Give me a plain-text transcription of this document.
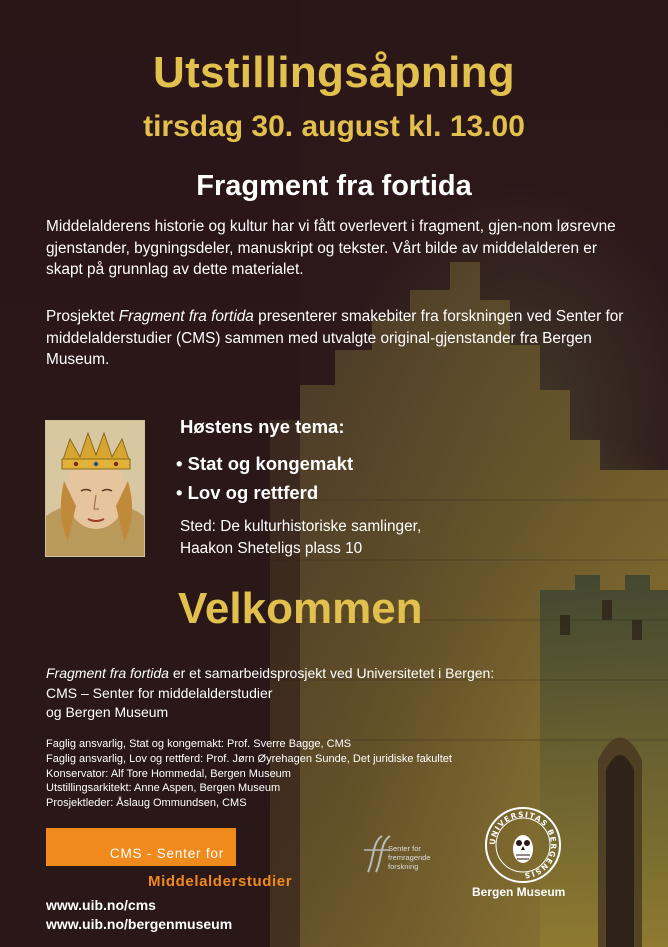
Utstillingsåpning
tirsdag 30. august kl. 13.00
Fragment fra fortida
Middelalderens historie og kultur har vi fått overlevert i fragment, gjen-nom løsrevne gjenstander, bygningsdeler, manuskript og tekster. Vårt bilde av middelalderen er skapt på grunnlag av dette materialet.
Prosjektet Fragment fra fortida presenterer smakebiter fra forskningen ved Senter for middelalderstudier (CMS) sammen med utvalgte original-gjenstander fra Bergen Museum.
Høstens nye tema:
• Stat og kongemakt
• Lov og rettferd
Sted: De kulturhistoriske samlinger,
Haakon Sheteligs plass 10
Velkommen
Fragment fra fortida er et samarbeidsprosjekt ved Universitetet i Bergen:
CMS – Senter for middelalderstudier
og Bergen Museum
Faglig ansvarlig, Stat og kongemakt: Prof. Sverre Bagge, CMS
Faglig ansvarlig, Lov og rettferd: Prof. Jørn Øyrehagen Sunde, Det juridiske fakultet
Konservator: Alf Tore Hommedal, Bergen Museum
Utstillingsarkitekt: Anne Aspen, Bergen Museum
Prosjektleder: Åslaug Ommundsen, CMS
CMS - Senter for
Middelalderstudier
www.uib.no/cms
www.uib.no/bergenmuseum
Senter for
fremragende
forskning
UNIVERSITAS BERGENSIS
Bergen Museum
